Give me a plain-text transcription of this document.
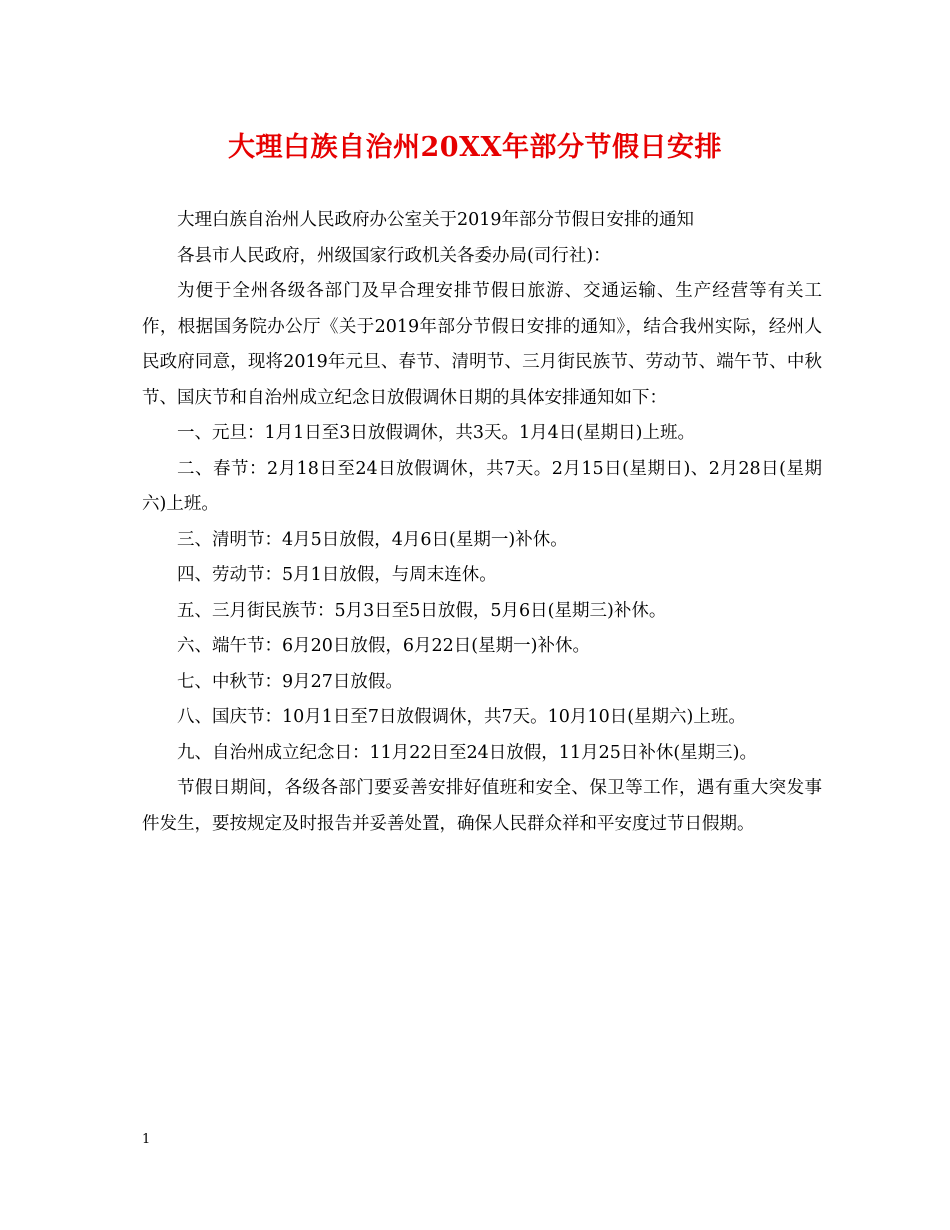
大理白族自治州20XX年部分节假日安排

大理白族自治州人民政府办公室关于2019年部分节假日安排的通知

各县市人民政府，州级国家行政机关各委办局(司行社)：

为便于全州各级各部门及早合理安排节假日旅游、交通运输、生产经营等有关工作，根据国务院办公厅《关于2019年部分节假日安排的通知》，结合我州实际，经州人民政府同意，现将2019年元旦、春节、清明节、三月街民族节、劳动节、端午节、中秋节、国庆节和自治州成立纪念日放假调休日期的具体安排通知如下：

一、元旦：1月1日至3日放假调休，共3天。1月4日(星期日)上班。

二、春节：2月18日至24日放假调休，共7天。2月15日(星期日)、2月28日(星期六)上班。

三、清明节：4月5日放假，4月6日(星期一)补休。

四、劳动节：5月1日放假，与周末连休。

五、三月街民族节：5月3日至5日放假，5月6日(星期三)补休。

六、端午节：6月20日放假，6月22日(星期一)补休。

七、中秋节：9月27日放假。

八、国庆节：10月1日至7日放假调休，共7天。10月10日(星期六)上班。

九、自治州成立纪念日：11月22日至24日放假，11月25日补休(星期三)。

节假日期间，各级各部门要妥善安排好值班和安全、保卫等工作，遇有重大突发事件发生，要按规定及时报告并妥善处置，确保人民群众祥和平安度过节日假期。

1
